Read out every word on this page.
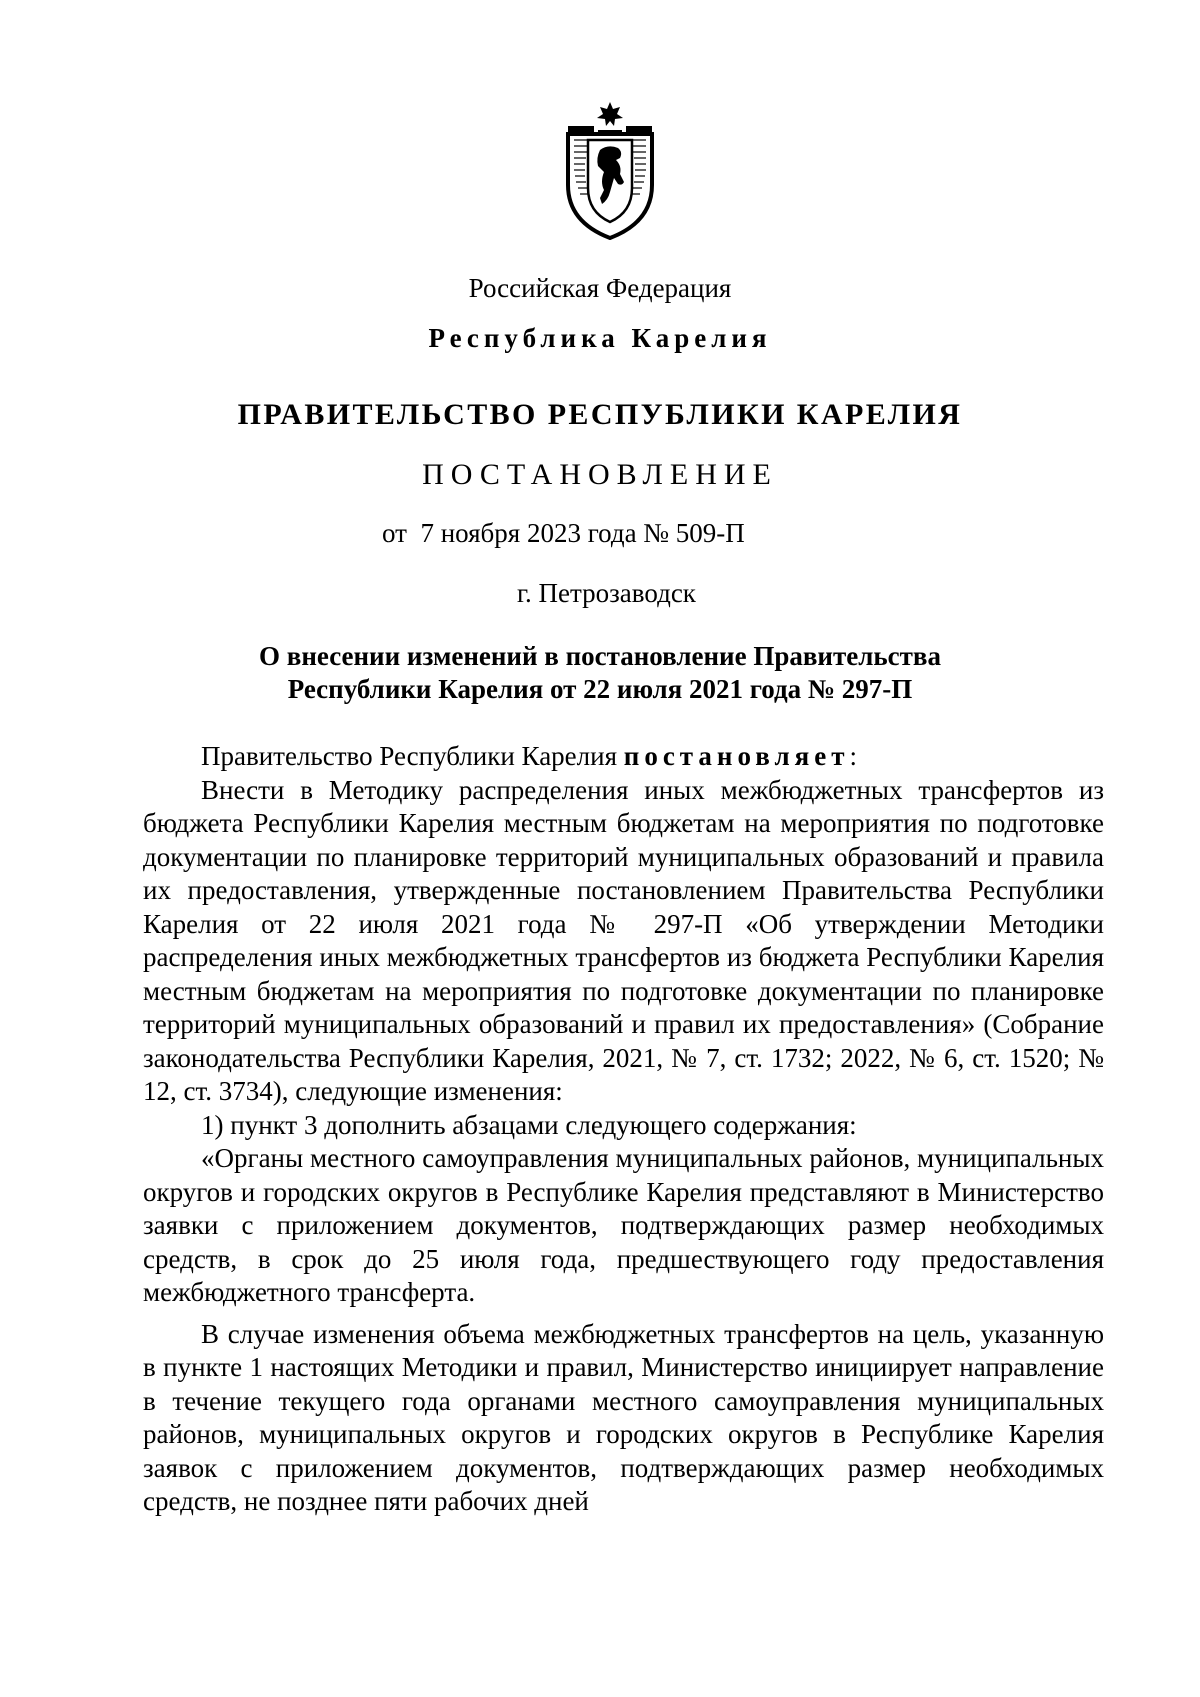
Российская Федерация
Республика Карелия
ПРАВИТЕЛЬСТВО РЕСПУБЛИКИ КАРЕЛИЯ
ПОСТАНОВЛЕНИЕ
от  7 ноября 2023 года № 509-П
г. Петрозаводск
О внесении изменений в постановление Правительства
Республики Карелия от 22 июля 2021 года № 297-П

Правительство Республики Карелия постановляет:

Внести в Методику распределения иных межбюджетных трансфертов из бюджета Республики Карелия местным бюджетам на мероприятия по подготовке документации по планировке территорий муниципальных образований и правила их предоставления, утвержденные постановлением Правительства Республики Карелия от 22 июля 2021 года № 297-П «Об утверждении Методики распределения иных межбюджетных трансфертов из бюджета Республики Карелия местным бюджетам на мероприятия по подготовке документации по планировке территорий муниципальных образований и правил их предоставления» (Собрание законодательства Республики Карелия, 2021, № 7, ст. 1732; 2022, № 6, ст. 1520; № 12, ст. 3734), следующие изменения:

1) пункт 3 дополнить абзацами следующего содержания:

«Органы местного самоуправления муниципальных районов, муниципальных округов и городских округов в Республике Карелия представляют в Министерство заявки с приложением документов, подтверждающих размер необходимых средств, в срок до 25 июля года, предшествующего году предоставления межбюджетного трансферта.

В случае изменения объема межбюджетных трансфертов на цель, указанную в пункте 1 настоящих Методики и правил, Министерство инициирует направление в течение текущего года органами местного самоуправления муниципальных районов, муниципальных округов и городских округов в Республике Карелия заявок с приложением документов, подтверждающих размер необходимых средств, не позднее пяти рабочих дней
